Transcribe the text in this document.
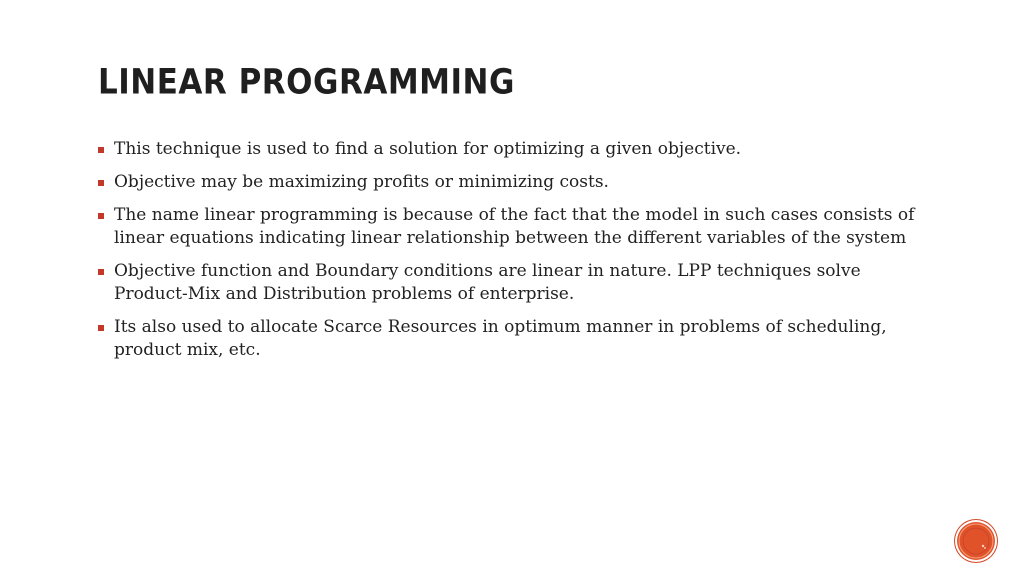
LINEAR PROGRAMMING
This technique is used to find a solution for optimizing a given objective.
Objective may be maximizing profits or minimizing costs.
The name linear programming is because of the fact that the model in such cases consists of linear equations indicating linear relationship between the different variables of the system
Objective function and Boundary conditions are linear in nature. LPP techniques solve Product-Mix and Distribution problems of enterprise.
Its also used to allocate Scarce Resources in optimum manner in problems of scheduling, product mix, etc.
